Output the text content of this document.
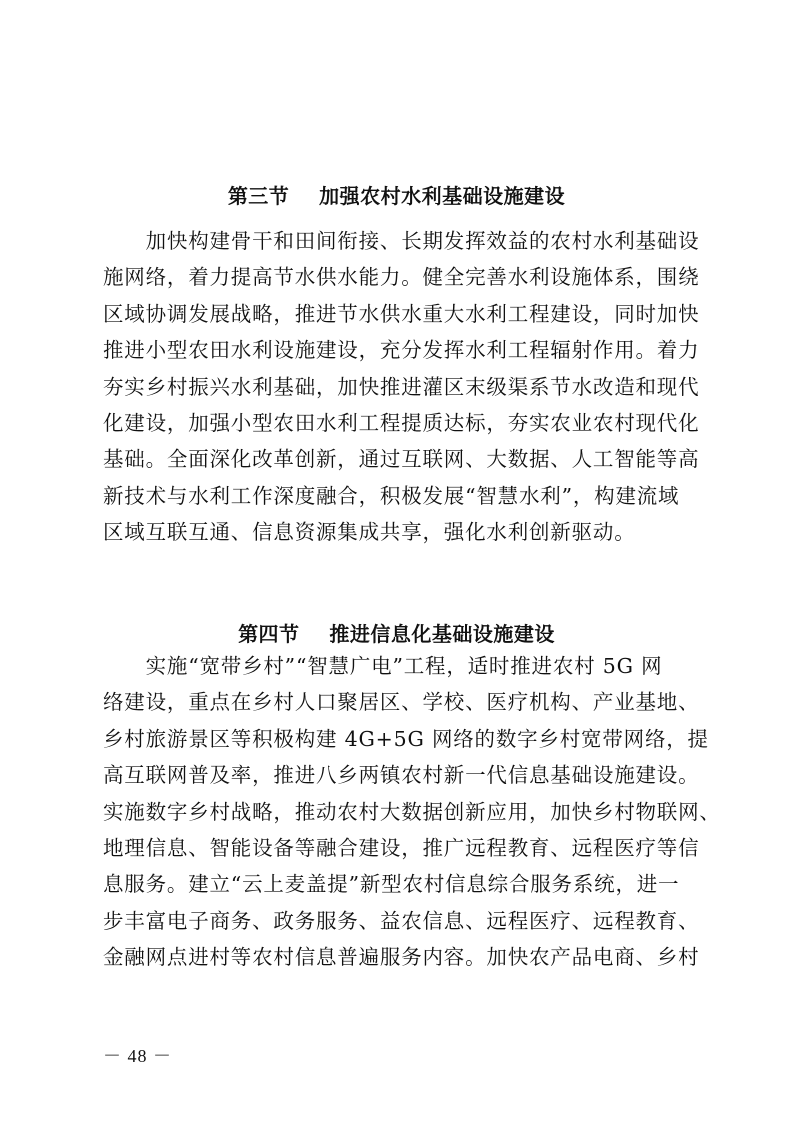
第三节    加强农村水利基础设施建设
　　加快构建骨干和田间衔接、长期发挥效益的农村水利基础设
施网络，着力提高节水供水能力。健全完善水利设施体系，围绕
区域协调发展战略，推进节水供水重大水利工程建设，同时加快
推进小型农田水利设施建设，充分发挥水利工程辐射作用。着力
夯实乡村振兴水利基础，加快推进灌区末级渠系节水改造和现代
化建设，加强小型农田水利工程提质达标，夯实农业农村现代化
基础。全面深化改革创新，通过互联网、大数据、人工智能等高
新技术与水利工作深度融合，积极发展“智慧水利”，构建流域
区域互联互通、信息资源集成共享，强化水利创新驱动。
第四节    推进信息化基础设施建设
　　实施“宽带乡村”“智慧广电”工程，适时推进农村 5G 网
络建设，重点在乡村人口聚居区、学校、医疗机构、产业基地、
乡村旅游景区等积极构建 4G+5G 网络的数字乡村宽带网络，提
高互联网普及率，推进八乡两镇农村新一代信息基础设施建设。
实施数字乡村战略，推动农村大数据创新应用，加快乡村物联网、
地理信息、智能设备等融合建设，推广远程教育、远程医疗等信
息服务。建立“云上麦盖提”新型农村信息综合服务系统，进一
步丰富电子商务、政务服务、益农信息、远程医疗、远程教育、
金融网点进村等农村信息普遍服务内容。加快农产品电商、乡村
－ 48 －
